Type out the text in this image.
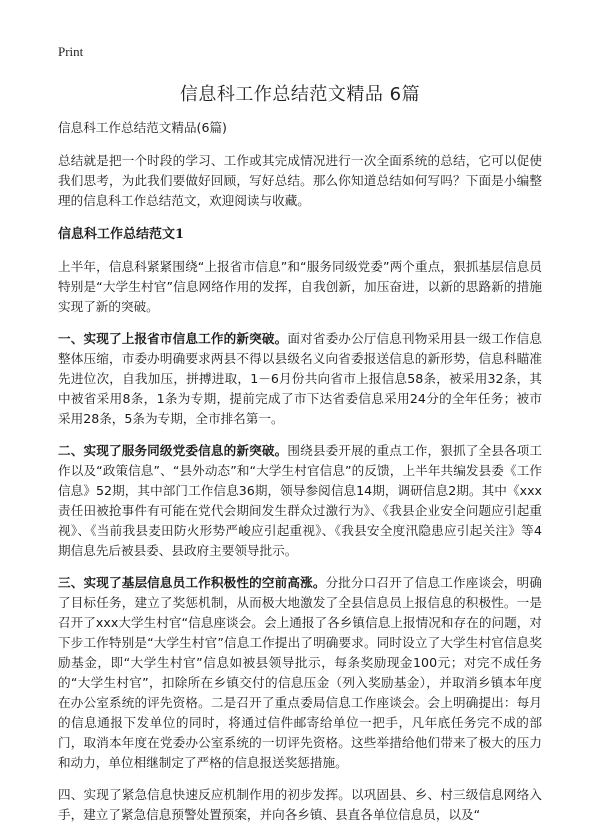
Print
信息科工作总结范文精品 6篇

信息科工作总结范文精品(6篇)

总结就是把一个时段的学习、工作或其完成情况进行一次全面系统的总结，它可以促使我们思考，为此我们要做好回顾，写好总结。那么你知道总结如何写吗？下面是小编整理的信息科工作总结范文，欢迎阅读与收藏。

信息科工作总结范文1

上半年，信息科紧紧围绕“上报省市信息”和“服务同级党委”两个重点，狠抓基层信息员特别是“大学生村官”信息网络作用的发挥，自我创新，加压奋进，以新的思路新的措施实现了新的突破。

一、实现了上报省市信息工作的新突破。面对省委办公厅信息刊物采用县一级工作信息整体压缩，市委办明确要求两县不得以县级名义向省委报送信息的新形势，信息科瞄准先进位次，自我加压，拼搏进取，1－6月份共向省市上报信息58条，被采用32条，其中被省采用8条，1条为专期，提前完成了市下达省委信息采用24分的全年任务；被市采用28条，5条为专期，全市排名第一。

二、实现了服务同级党委信息的新突破。围绕县委开展的重点工作，狠抓了全县各项工作以及“政策信息”、“县外动态”和“大学生村官信息”的反馈，上半年共编发县委《工作信息》52期，其中部门工作信息36期，领导参阅信息14期，调研信息2期。其中《xxx责任田被抢事件有可能在党代会期间发生群众过激行为》、《我县企业安全问题应引起重视》、《当前我县麦田防火形势严峻应引起重视》、《我县安全度汛隐患应引起关注》等4期信息先后被县委、县政府主要领导批示。

三、实现了基层信息员工作积极性的空前高涨。分批分口召开了信息工作座谈会，明确了目标任务，建立了奖惩机制，从而极大地激发了全县信息员上报信息的积极性。一是召开了xxx大学生村官“信息座谈会。会上通报了各乡镇信息上报情况和存在的问题，对下步工作特别是“大学生村官”信息工作提出了明确要求。同时设立了大学生村官信息奖励基金，即“大学生村官”信息如被县领导批示，每条奖励现金100元；对完不成任务的“大学生村官”，扣除所在乡镇交付的信息压金（列入奖励基金），并取消乡镇本年度在办公室系统的评先资格。二是召开了重点委局信息工作座谈会。会上明确提出：每月的信息通报下发单位的同时，将通过信件邮寄给单位一把手，凡年底任务完不成的部门，取消本年度在党委办公室系统的一切评先资格。这些举措给他们带来了极大的压力和动力，单位相继制定了严格的信息报送奖惩措施。

四、实现了紧急信息快速反应机制作用的初步发挥。以巩固县、乡、村三级信息网络入手，建立了紧急信息预警处置预案，并向各乡镇、县直各单位信息员，以及“
